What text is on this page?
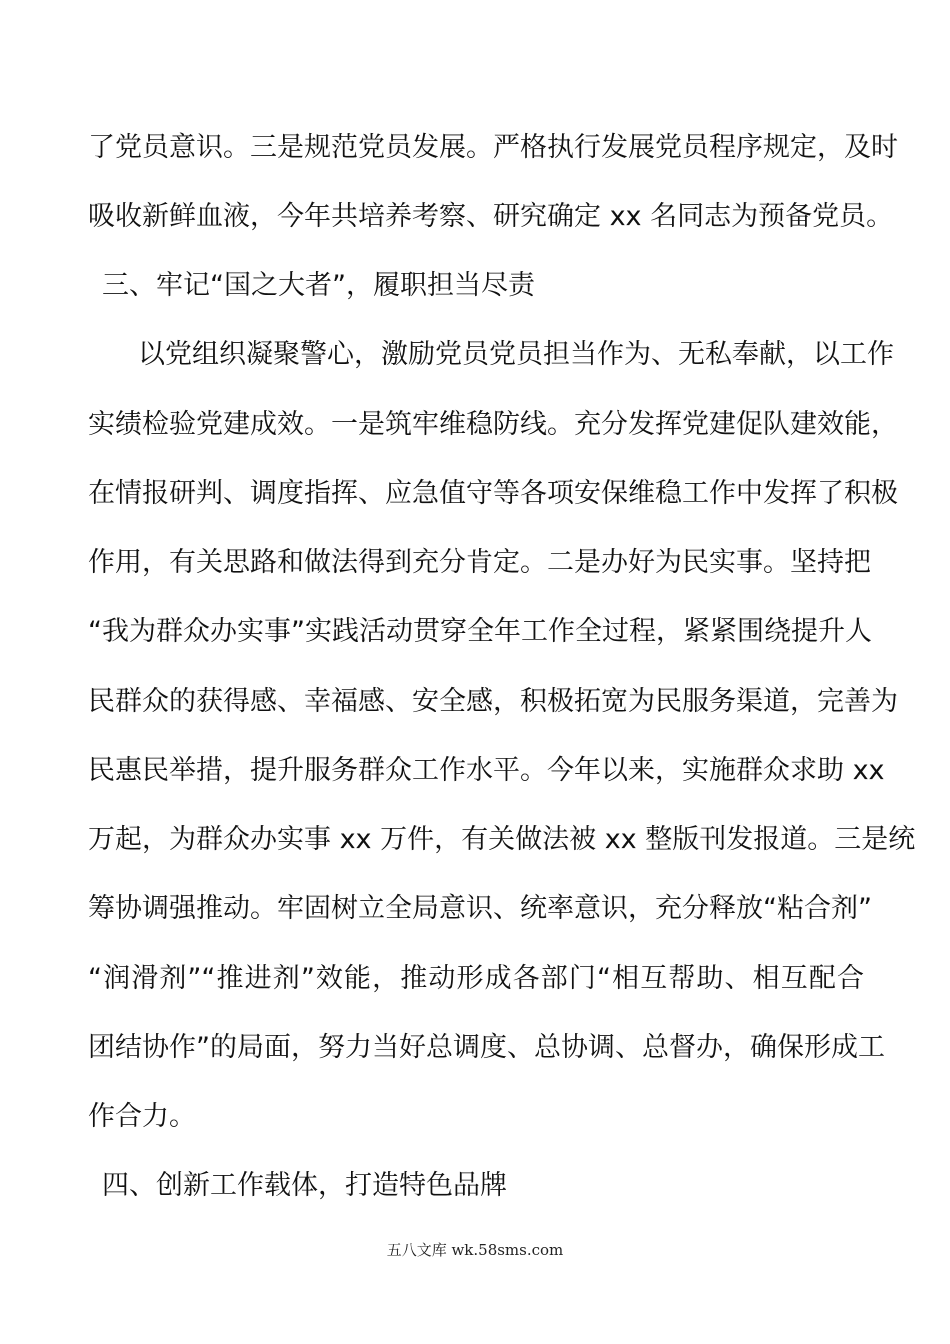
了党员意识。三是规范党员发展。严格执行发展党员程序规定，及时
吸收新鲜血液，今年共培养考察、研究确定 xx 名同志为预备党员。
三、牢记“国之大者”，履职担当尽责
以党组织凝聚警心，激励党员党员担当作为、无私奉献，以工作
实绩检验党建成效。一是筑牢维稳防线。充分发挥党建促队建效能，
在情报研判、调度指挥、应急值守等各项安保维稳工作中发挥了积极
作用，有关思路和做法得到充分肯定。二是办好为民实事。坚持把
“我为群众办实事”实践活动贯穿全年工作全过程，紧紧围绕提升人
民群众的获得感、幸福感、安全感，积极拓宽为民服务渠道，完善为
民惠民举措，提升服务群众工作水平。今年以来，实施群众求助 xx
万起，为群众办实事 xx 万件，有关做法被 xx 整版刊发报道。三是统
筹协调强推动。牢固树立全局意识、统率意识，充分释放“粘合剂”
“润滑剂”“推进剂”效能，推动形成各部门“相互帮助、相互配合
团结协作”的局面，努力当好总调度、总协调、总督办，确保形成工
作合力。
四、创新工作载体，打造特色品牌
五八文库 wk.58sms.com
